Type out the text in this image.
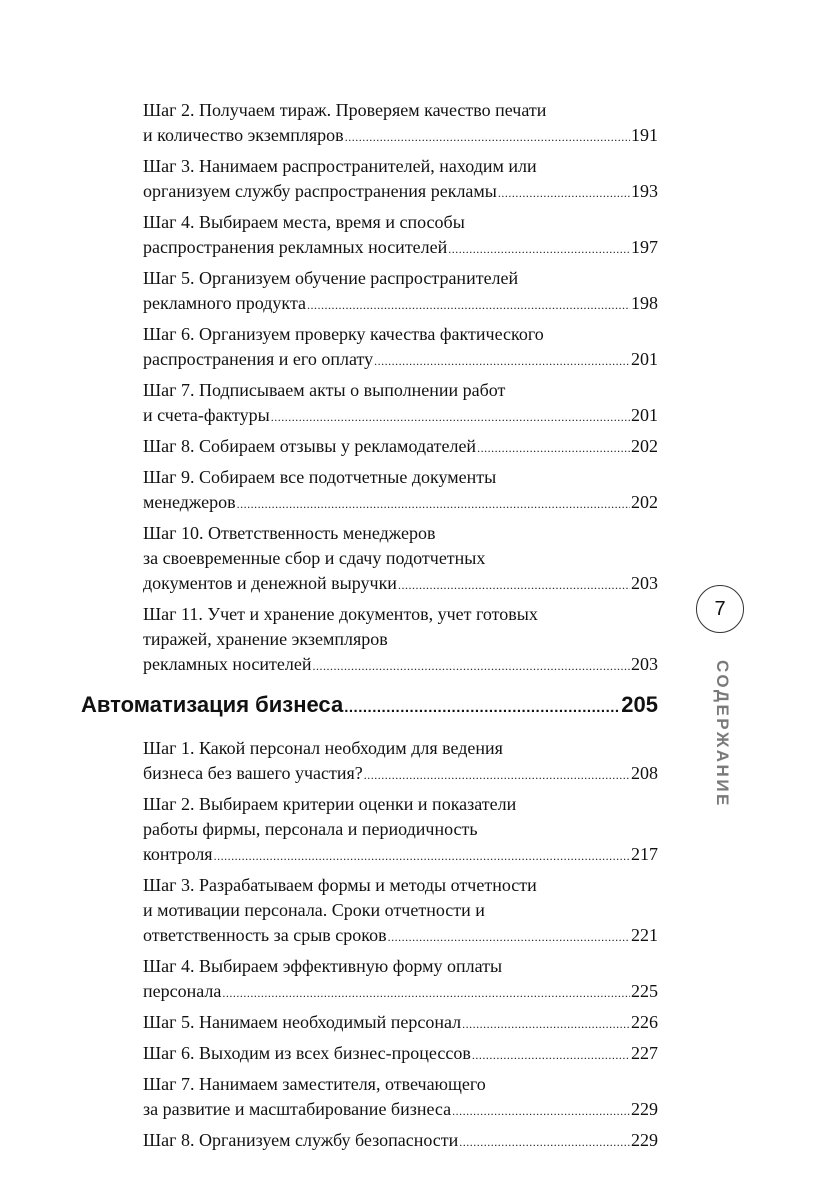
Шаг 2. Получаем тираж. Проверяем качество печати
и количество экземпляров .....	191
Шаг 3. Нанимаем распространителей, находим или
организуем службу распространения рекламы .....	193
Шаг 4. Выбираем места, время и способы
распространения рекламных носителей .....	197
Шаг 5. Организуем обучение распространителей
рекламного продукта .....	198
Шаг 6. Организуем проверку качества фактического
распространения и его оплату .....	201
Шаг 7. Подписываем акты о выполнении работ
и счета-фактуры .....	201
Шаг 8. Собираем отзывы у рекламодателей .....	202
Шаг 9. Собираем все подотчетные документы
менеджеров .....	202
Шаг 10. Ответственность менеджеров
за своевременные сбор и сдачу подотчетных
документов и денежной выручки .....	203
Шаг 11. Учет и хранение документов, учет готовых
тиражей, хранение экземпляров
рекламных носителей .....	203
Автоматизация бизнеса .....	205
Шаг 1. Какой персонал необходим для ведения
бизнеса без вашего участия? .....	208
Шаг 2. Выбираем критерии оценки и показатели
работы фирмы, персонала и периодичность
контроля .....	217
Шаг 3. Разрабатываем формы и методы отчетности
и мотивации персонала. Сроки отчетности и
ответственность за срыв сроков .....	221
Шаг 4. Выбираем эффективную форму оплаты
персонала .....	225
Шаг 5. Нанимаем необходимый персонал .....	226
Шаг 6. Выходим из всех бизнес-процессов .....	227
Шаг 7. Нанимаем заместителя, отвечающего
за развитие и масштабирование бизнеса .....	229
Шаг 8. Организуем службу безопасности .....	229
7
СОДЕРЖАНИЕ
